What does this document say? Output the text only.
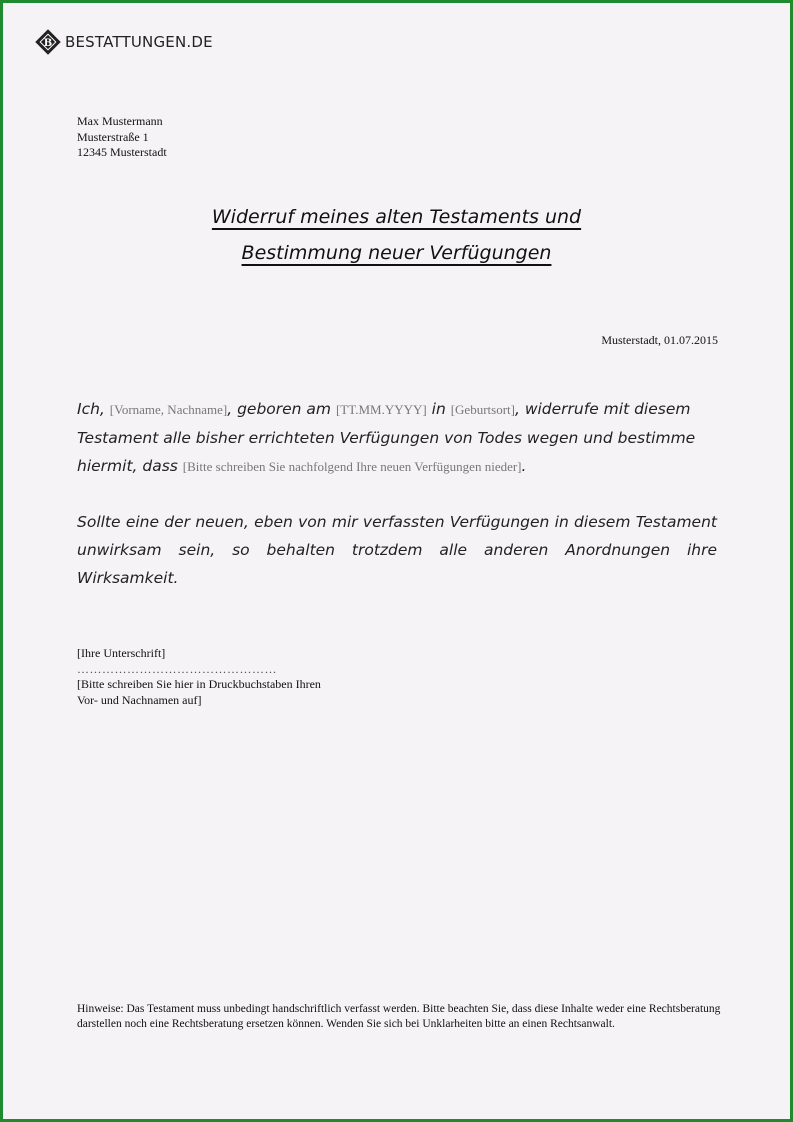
B BESTATTUNGEN.DE
Max Mustermann
Musterstraße 1
12345 Musterstadt
Widerruf meines alten Testaments und
Bestimmung neuer Verfügungen
Musterstadt, 01.07.2015
Ich, [Vorname, Nachname], geboren am [TT.MM.YYYY] in [Geburtsort], widerrufe mit diesem Testament alle bisher errichteten Verfügungen von Todes wegen und bestimme hiermit, dass [Bitte schreiben Sie nachfolgend Ihre neuen Verfügungen nieder].
Sollte eine der neuen, eben von mir verfassten Verfügungen in diesem Testament unwirksam sein, so behalten trotzdem alle anderen Anordnungen ihre Wirksamkeit.
[Ihre Unterschrift]
…………………………………………
[Bitte schreiben Sie hier in Druckbuchstaben Ihren
Vor- und Nachnamen auf]
Hinweise: Das Testament muss unbedingt handschriftlich verfasst werden. Bitte beachten Sie, dass diese Inhalte weder eine Rechtsberatung darstellen noch eine Rechtsberatung ersetzen können. Wenden Sie sich bei Unklarheiten bitte an einen Rechtsanwalt.
